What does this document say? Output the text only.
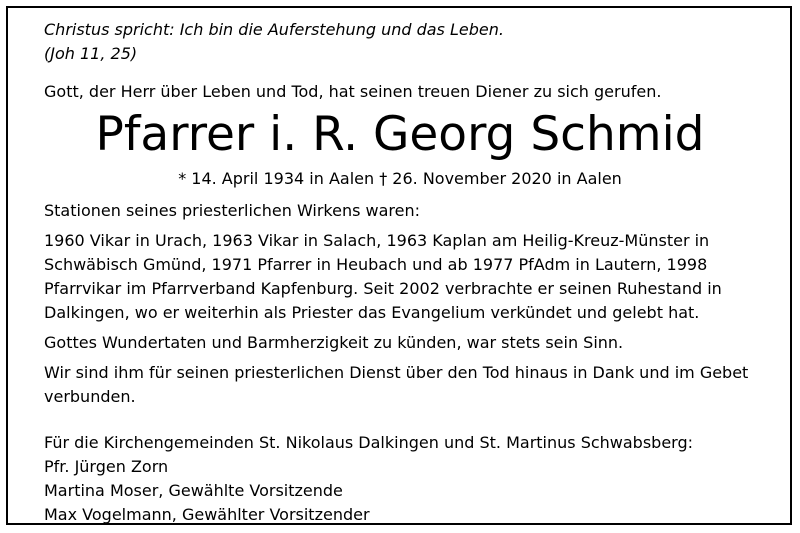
Christus spricht: Ich bin die Auferstehung und das Leben.

(Joh 11, 25)

Gott, der Herr über Leben und Tod, hat seinen treuen Diener zu sich gerufen.

Pfarrer i. R. Georg Schmid

* 14. April 1934 in Aalen † 26. November 2020 in Aalen

Stationen seines priesterlichen Wirkens waren:

1960 Vikar in Urach, 1963 Vikar in Salach, 1963 Kaplan am Heilig-Kreuz-Münster in

Schwäbisch Gmünd, 1971 Pfarrer in Heubach und ab 1977 PfAdm in Lautern, 1998

Pfarrvikar im Pfarrverband Kapfenburg. Seit 2002 verbrachte er seinen Ruhestand in

Dalkingen, wo er weiterhin als Priester das Evangelium verkündet und gelebt hat.

Gottes Wundertaten und Barmherzigkeit zu künden, war stets sein Sinn.

Wir sind ihm für seinen priesterlichen Dienst über den Tod hinaus in Dank und im Gebet

verbunden.

Für die Kirchengemeinden St. Nikolaus Dalkingen und St. Martinus Schwabsberg:

Pfr. Jürgen Zorn

Martina Moser, Gewählte Vorsitzende

Max Vogelmann, Gewählter Vorsitzender
